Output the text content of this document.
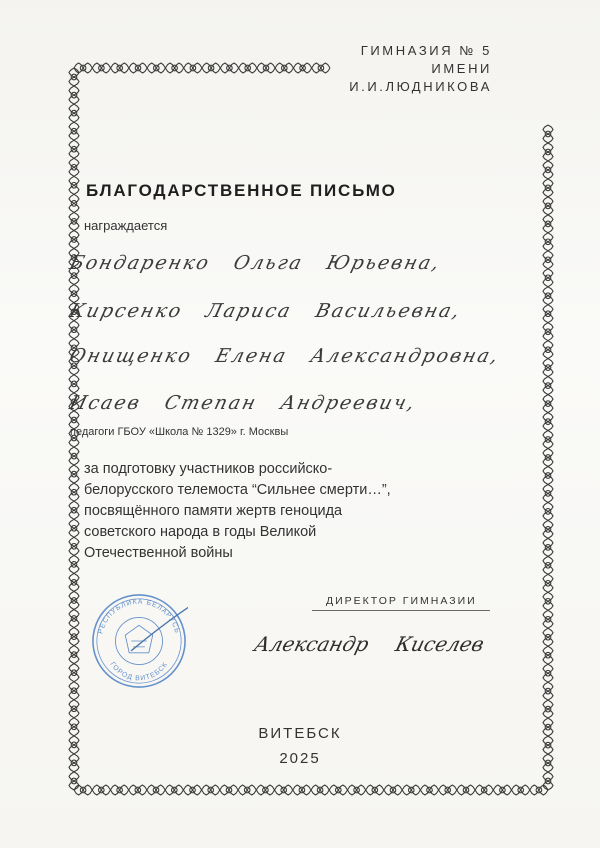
ГИМНАЗИЯ № 5
ИМЕНИ
И.И.ЛЮДНИКОВА
БЛАГОДАРСТВЕННОЕ ПИСЬМО
награждается
Бондаренко Ольга Юрьевна,
Кирсенко Лариса Васильевна,
Онищенко Елена Александровна,
Исаев Степан Андреевич,
педагоги ГБОУ «Школа № 1329» г. Москвы
за подготовку участников российско-
белорусского телемоста “Сильнее смерти…”,
посвящённого памяти жертв геноцида
советского народа в годы Великой
Отечественной войны
РЕСПУБЛИКА БЕЛАРУСЬ
ГОРОД ВИТЕБСК
ДИРЕКТОР ГИМНАЗИИ
Александр Киселев
ВИТЕБСК
2025
